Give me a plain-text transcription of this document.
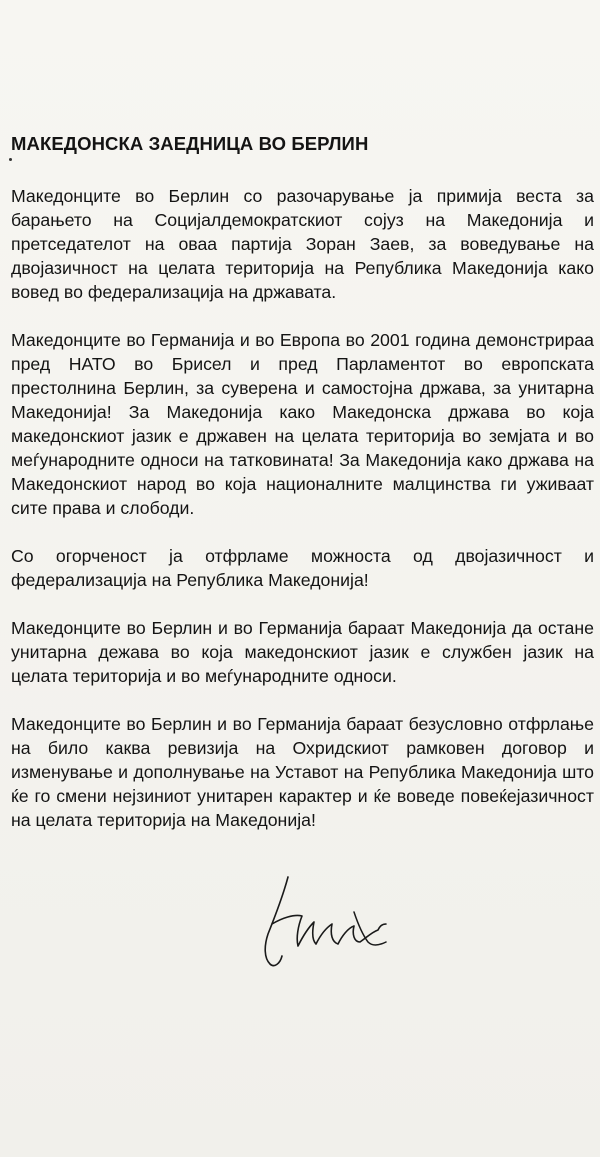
МАКЕДОНСКА ЗАЕДНИЦА ВО БЕРЛИН

Македонците во Берлин со разочарување ја примија веста за барањето на Социјалдемократскиот сојуз на Македонија и претседателот на оваа партија Зоран Заев, за воведување на двојазичност на целата територија на Република Македонија како вовед во федерализација на државата.

Македонците во Германија и во Европа во 2001 година демонстрираа пред НАТО во Брисел и пред Парламентот во европската престолнина Берлин, за суверена и самостојна држава, за унитарна Македонија! За Македонија како Македонска држава во која македонскиот јазик е државен на целата територија во земјата и во меѓународните односи на татковината! За Македонија како држава на Македонскиот народ во која националните малцинства ги уживаат сите права и слободи.

Со огорченост ја отфрламе можноста од двојазичност и федерализација на Република Македонија!

Македонците во Берлин и во Германија бараат Македонија да остане унитарна дежава во која македонскиот јазик е службен јазик на целата територија и во меѓународните односи.

Македонците во Берлин и во Германија бараат безусловно отфрлање на било каква ревизија на Охридскиот рамковен договор и изменување и дополнување на Уставот на Република Македонија што ќе го смени нејзиниот унитарен карактер и ќе воведе повеќејазичност на целата територија на Македонија!
